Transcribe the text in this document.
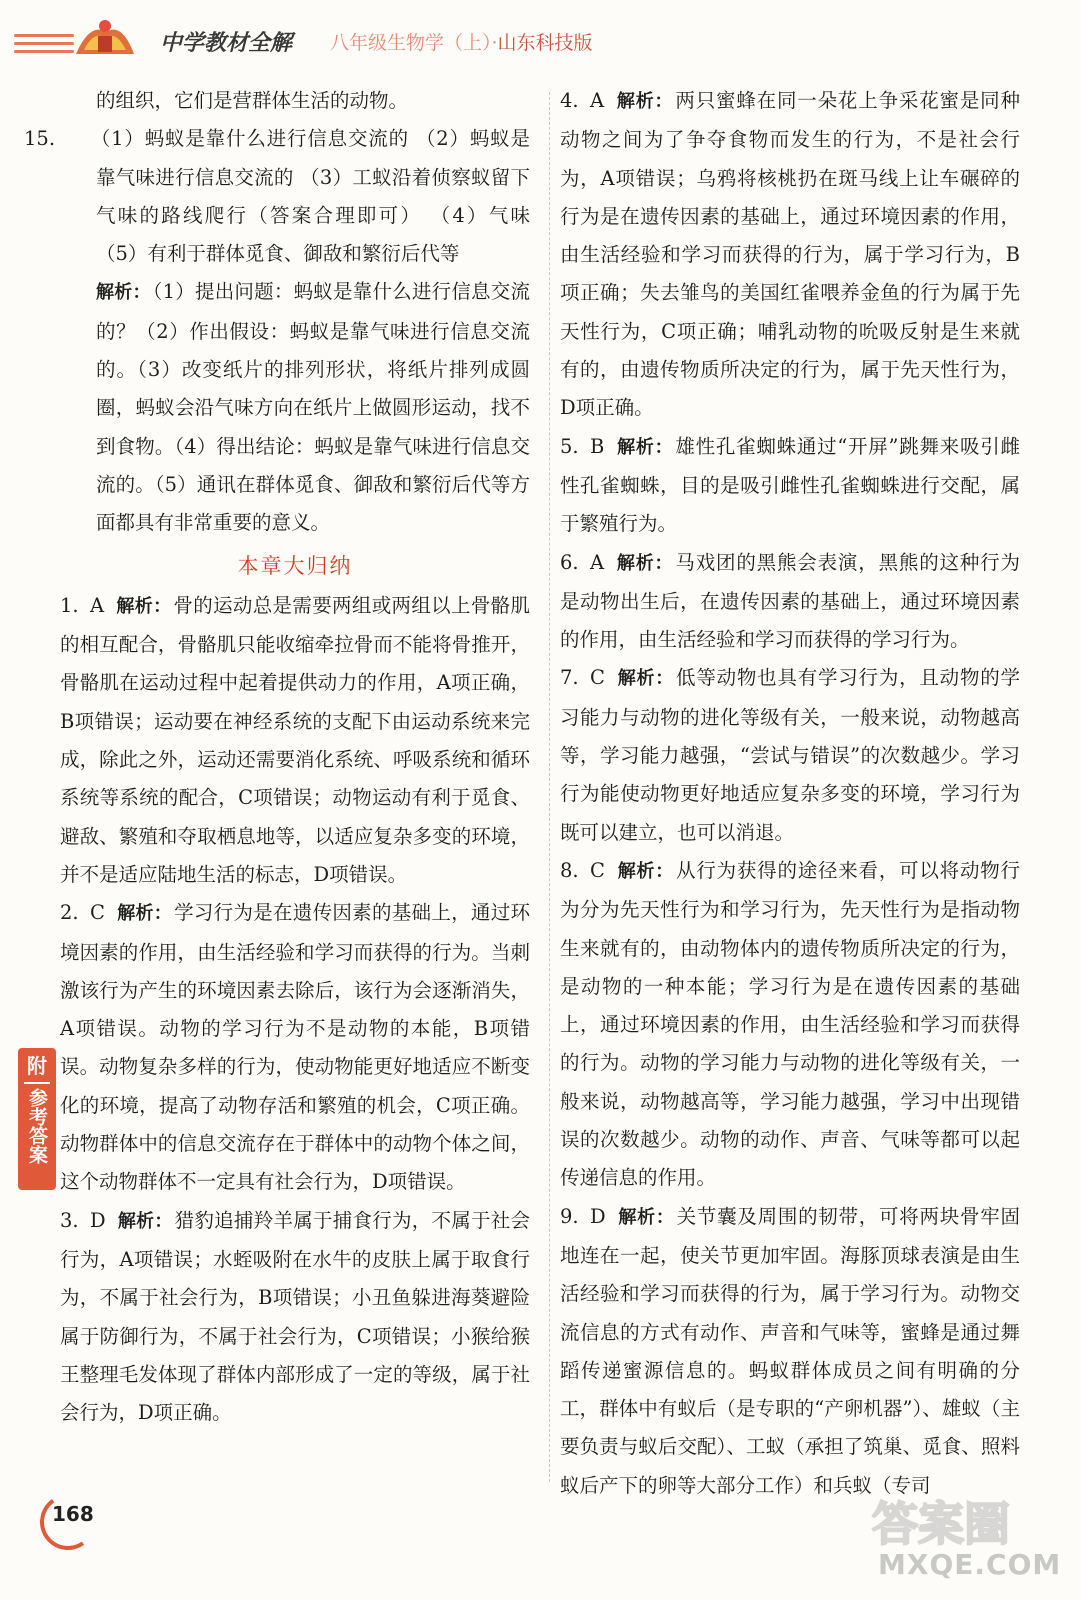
中学教材全解 八年级生物学（上）·山东科技版

的组织，它们是营群体生活的动物。

15. （1）蚂蚁是靠什么进行信息交流的 （2）蚂蚁是靠气味进行信息交流的 （3）工蚁沿着侦察蚁留下气味的路线爬行（答案合理即可） （4）气味 （5）有利于群体觅食、御敌和繁衍后代等

解析： （1）提出问题：蚂蚁是靠什么进行信息交流的？（2）作出假设：蚂蚁是靠气味进行信息交流的。（3）改变纸片的排列形状，将纸片排列成圆圈，蚂蚁会沿气味方向在纸片上做圆形运动，找不到食物。（4）得出结论：蚂蚁是靠气味进行信息交流的。（5）通讯在群体觅食、御敌和繁衍后代等方面都具有非常重要的意义。

本章大归纳

1. A 解析： 骨的运动总是需要两组或两组以上骨骼肌的相互配合，骨骼肌只能收缩牵拉骨而不能将骨推开，骨骼肌在运动过程中起着提供动力的作用，A项正确，B项错误；运动要在神经系统的支配下由运动系统来完成，除此之外，运动还需要消化系统、呼吸系统和循环系统等系统的配合，C项错误；动物运动有利于觅食、避敌、繁殖和夺取栖息地等，以适应复杂多变的环境，并不是适应陆地生活的标志，D项错误。

2. C 解析： 学习行为是在遗传因素的基础上，通过环境因素的作用，由生活经验和学习而获得的行为。当刺激该行为产生的环境因素去除后，该行为会逐渐消失，A项错误。动物的学习行为不是动物的本能，B项错误。动物复杂多样的行为，使动物能更好地适应不断变化的环境，提高了动物存活和繁殖的机会，C项正确。动物群体中的信息交流存在于群体中的动物个体之间，这个动物群体不一定具有社会行为，D项错误。

3. D 解析： 猎豹追捕羚羊属于捕食行为，不属于社会行为，A项错误；水蛭吸附在水牛的皮肤上属于取食行为，不属于社会行为，B项错误；小丑鱼躲进海葵避险属于防御行为，不属于社会行为，C项错误；小猴给猴王整理毛发体现了群体内部形成了一定的等级，属于社会行为，D项正确。

4. A 解析： 两只蜜蜂在同一朵花上争采花蜜是同种动物之间为了争夺食物而发生的行为，不是社会行为，A项错误；乌鸦将核桃扔在斑马线上让车碾碎的行为是在遗传因素的基础上，通过环境因素的作用，由生活经验和学习而获得的行为，属于学习行为，B项正确；失去雏鸟的美国红雀喂养金鱼的行为属于先天性行为，C项正确；哺乳动物的吮吸反射是生来就有的，由遗传物质所决定的行为，属于先天性行为，D项正确。

5. B 解析： 雄性孔雀蜘蛛通过“开屏”跳舞来吸引雌性孔雀蜘蛛，目的是吸引雌性孔雀蜘蛛进行交配，属于繁殖行为。

6. A 解析： 马戏团的黑熊会表演，黑熊的这种行为是动物出生后，在遗传因素的基础上，通过环境因素的作用，由生活经验和学习而获得的学习行为。

7. C 解析： 低等动物也具有学习行为，且动物的学习能力与动物的进化等级有关，一般来说，动物越高等，学习能力越强，“尝试与错误”的次数越少。学习行为能使动物更好地适应复杂多变的环境，学习行为既可以建立，也可以消退。

8. C 解析： 从行为获得的途径来看，可以将动物行为分为先天性行为和学习行为，先天性行为是指动物生来就有的，由动物体内的遗传物质所决定的行为，是动物的一种本能；学习行为是在遗传因素的基础上，通过环境因素的作用，由生活经验和学习而获得的行为。动物的学习能力与动物的进化等级有关，一般来说，动物越高等，学习能力越强，学习中出现错误的次数越少。动物的动作、声音、气味等都可以起传递信息的作用。

9. D 解析： 关节囊及周围的韧带，可将两块骨牢固地连在一起，使关节更加牢固。海豚顶球表演是由生活经验和学习而获得的行为，属于学习行为。动物交流信息的方式有动作、声音和气味等，蜜蜂是通过舞蹈传递蜜源信息的。蚂蚁群体成员之间有明确的分工，群体中有蚁后（是专职的“产卵机器”）、雄蚁（主要负责与蚁后交配）、工蚁（承担了筑巢、觅食、照料蚁后产下的卵等大部分工作）和兵蚁（专司

附
参考答案
168	答案圈
MXQE.COM
